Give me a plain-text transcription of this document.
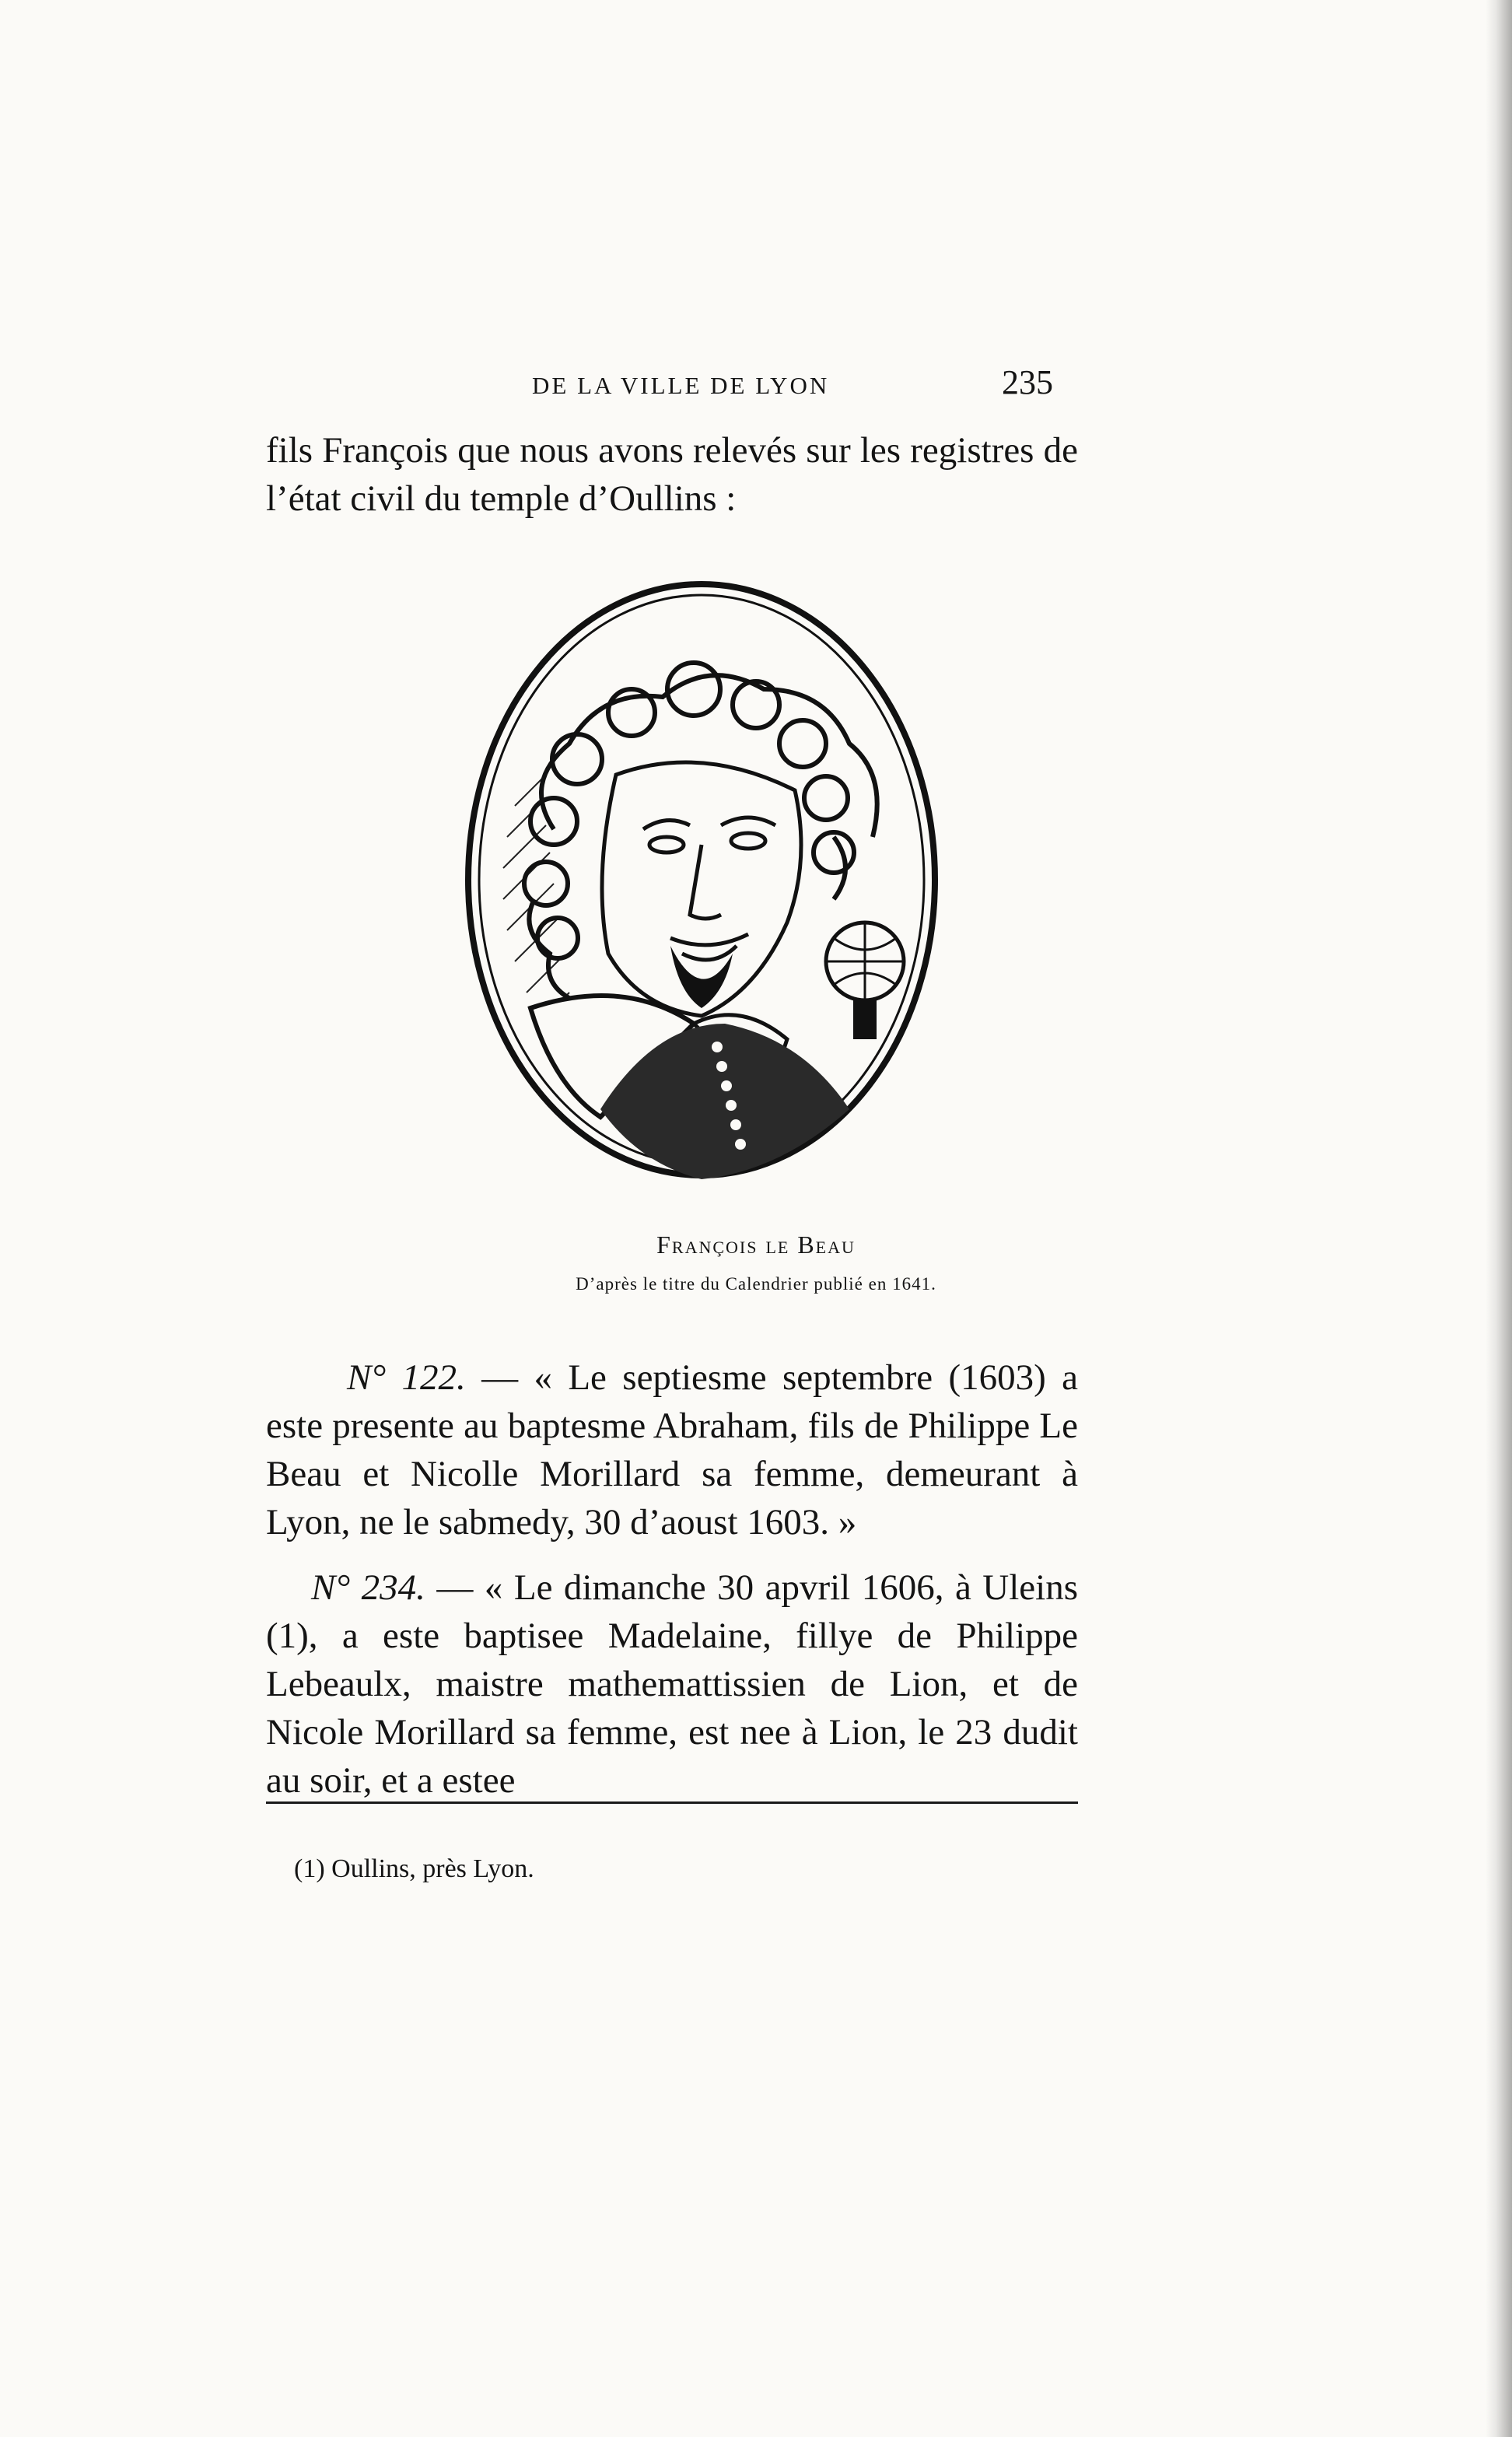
DE LA VILLE DE LYON	235

fils François que nous avons relevés sur les registres de l’état civil du temple d’Oullins :

François le Beau
D’après le titre du Calendrier publié en 1641.

N° 122. — « Le septiesme septembre (1603) a este presente au baptesme Abraham, fils de Philippe Le Beau et Nicolle Morillard sa femme, demeurant à Lyon, ne le sabmedy, 30 d’aoust 1603. »

N° 234. — « Le dimanche 30 apvril 1606, à Uleins (1), a este baptisee Madelaine, fillye de Philippe Lebeaulx, maistre mathemattissien de Lion, et de Nicole Morillard sa femme, est nee à Lion, le 23 dudit au soir, et a estee

(1) Oullins, près Lyon.
